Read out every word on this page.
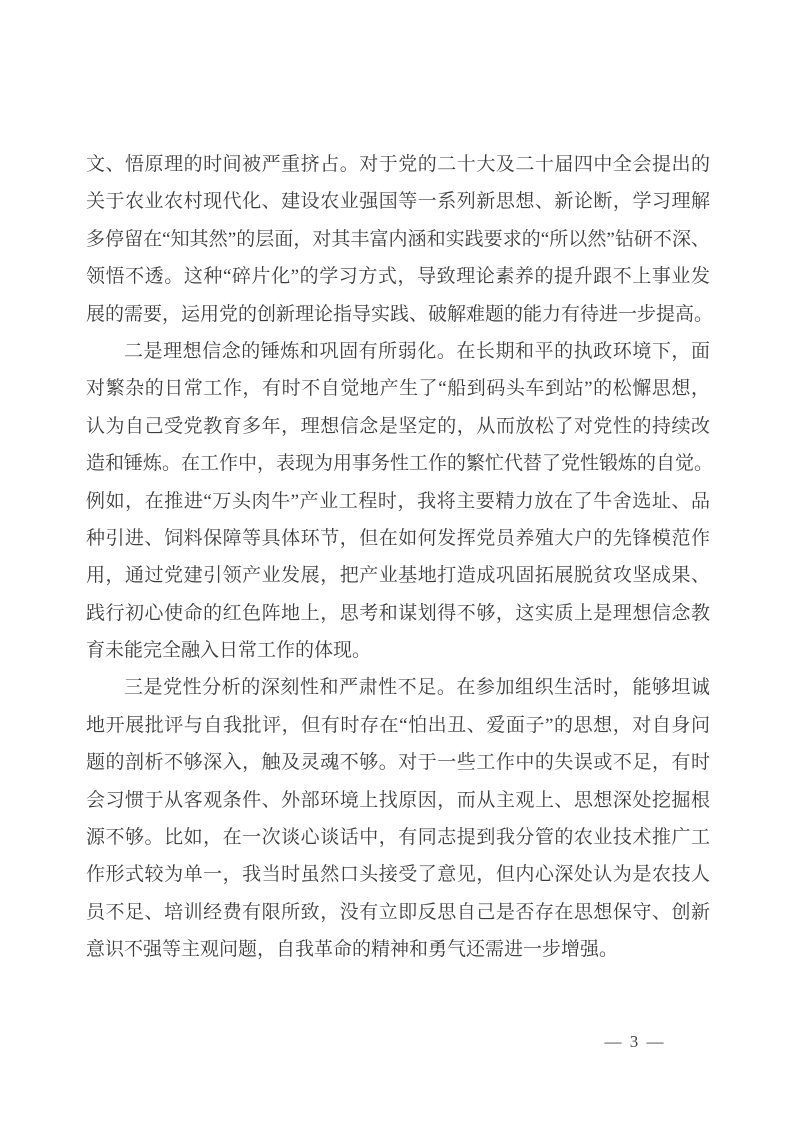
文、悟原理的时间被严重挤占。对于党的二十大及二十届四中全会提出的
关于农业农村现代化、建设农业强国等一系列新思想、新论断，学习理解
多停留在“知其然”的层面，对其丰富内涵和实践要求的“所以然”钻研不深、
领悟不透。这种“碎片化”的学习方式，导致理论素养的提升跟不上事业发
展的需要，运用党的创新理论指导实践、破解难题的能力有待进一步提高。
二是理想信念的锤炼和巩固有所弱化。在长期和平的执政环境下，面
对繁杂的日常工作，有时不自觉地产生了“船到码头车到站”的松懈思想，
认为自己受党教育多年，理想信念是坚定的，从而放松了对党性的持续改
造和锤炼。在工作中，表现为用事务性工作的繁忙代替了党性锻炼的自觉。
例如，在推进“万头肉牛”产业工程时，我将主要精力放在了牛舍选址、品
种引进、饲料保障等具体环节，但在如何发挥党员养殖大户的先锋模范作
用，通过党建引领产业发展，把产业基地打造成巩固拓展脱贫攻坚成果、
践行初心使命的红色阵地上，思考和谋划得不够，这实质上是理想信念教
育未能完全融入日常工作的体现。
三是党性分析的深刻性和严肃性不足。在参加组织生活时，能够坦诚
地开展批评与自我批评，但有时存在“怕出丑、爱面子”的思想，对自身问
题的剖析不够深入，触及灵魂不够。对于一些工作中的失误或不足，有时
会习惯于从客观条件、外部环境上找原因，而从主观上、思想深处挖掘根
源不够。比如，在一次谈心谈话中，有同志提到我分管的农业技术推广工
作形式较为单一，我当时虽然口头接受了意见，但内心深处认为是农技人
员不足、培训经费有限所致，没有立即反思自己是否存在思想保守、创新
意识不强等主观问题，自我革命的精神和勇气还需进一步增强。
— 3 —
